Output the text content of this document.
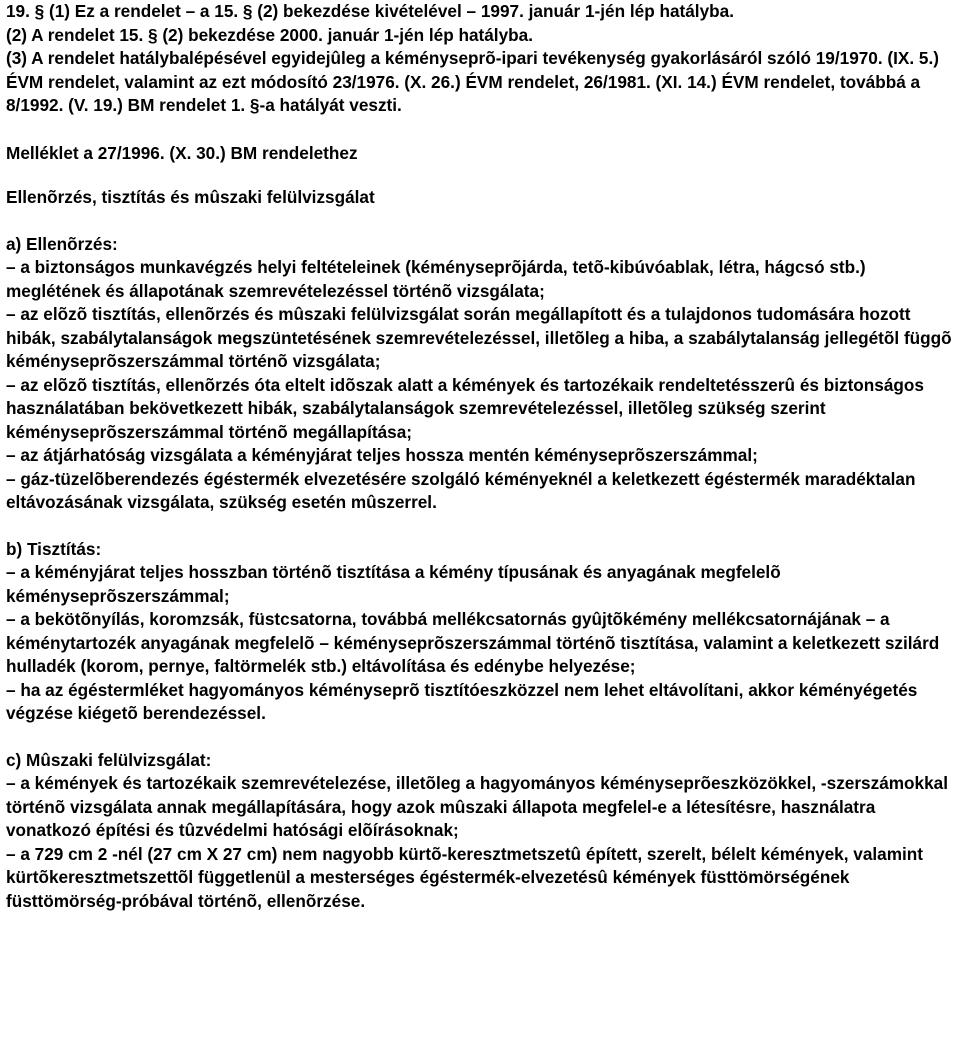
19. § (1) Ez a rendelet – a 15. § (2) bekezdése kivételével – 1997. január 1-jén lép hatályba.
(2) A rendelet 15. § (2) bekezdése 2000. január 1-jén lép hatályba.
(3) A rendelet hatálybalépésével egyidejûleg a kéményseprõ-ipari tevékenység gyakorlásáról szóló 19/1970. (IX. 5.) ÉVM rendelet, valamint az ezt módosító 23/1976. (X. 26.) ÉVM rendelet, 26/1981. (XI. 14.) ÉVM rendelet, továbbá a 8/1992. (V. 19.) BM rendelet 1. §-a hatályát veszti.
Melléklet a 27/1996. (X. 30.) BM rendelethez
Ellenõrzés, tisztítás és mûszaki felülvizsgálat
a) Ellenõrzés:
– a biztonságos munkavégzés helyi feltételeinek (kéményseprõjárda, tetõ-kibúvóablak, létra, hágcsó stb.) meglétének és állapotának szemrevételezéssel történõ vizsgálata;
– az elõzõ tisztítás, ellenõrzés és mûszaki felülvizsgálat során megállapított és a tulajdonos tudomására hozott hibák, szabálytalanságok megszüntetésének szemrevételezéssel, illetõleg a hiba, a szabálytalanság jellegétõl függõ kéményseprõszerszámmal történõ vizsgálata;
– az elõzõ tisztítás, ellenõrzés óta eltelt idõszak alatt a kémények és tartozékaik rendeltetésszerû és biztonságos használatában bekövetkezett hibák, szabálytalanságok szemrevételezéssel, illetõleg szükség szerint kéményseprõszerszámmal történõ megállapítása;
– az átjárhatóság vizsgálata a kéményjárat teljes hossza mentén kéményseprõszerszámmal;
– gáz-tüzelõberendezés égéstermék elvezetésére szolgáló kéményeknél a keletkezett égéstermék maradéktalan eltávozásának vizsgálata, szükség esetén mûszerrel.
b) Tisztítás:
– a kéményjárat teljes hosszban történõ tisztítása a kémény típusának és anyagának megfelelõ kéményseprõszerszámmal;
– a bekötõnyílás, koromzsák, füstcsatorna, továbbá mellékcsatornás gyûjtõkémény mellékcsatornájának – a kéménytartozék anyagának megfelelõ – kéményseprõszerszámmal történõ tisztítása, valamint a keletkezett szilárd hulladék (korom, pernye, faltörmelék stb.) eltávolítása és edénybe helyezése;
– ha az égéstermléket hagyományos kéményseprõ tisztítóeszközzel nem lehet eltávolítani, akkor kéményégetés végzése kiégetõ berendezéssel.
c) Mûszaki felülvizsgálat:
– a kémények és tartozékaik szemrevételezése, illetõleg a hagyományos kéményseprõeszközökkel, -szerszámokkal történõ vizsgálata annak megállapítására, hogy azok mûszaki állapota megfelel-e a létesítésre, használatra vonatkozó építési és tûzvédelmi hatósági elõírásoknak;
– a 729 cm 2 -nél (27 cm X 27 cm) nem nagyobb kürtõ-keresztmetszetû épített, szerelt, bélelt kémények, valamint kürtõkeresztmetszettõl függetlenül a mesterséges égéstermék-elvezetésû kémények füsttömörségének füsttömörség-próbával történõ, ellenõrzése.
